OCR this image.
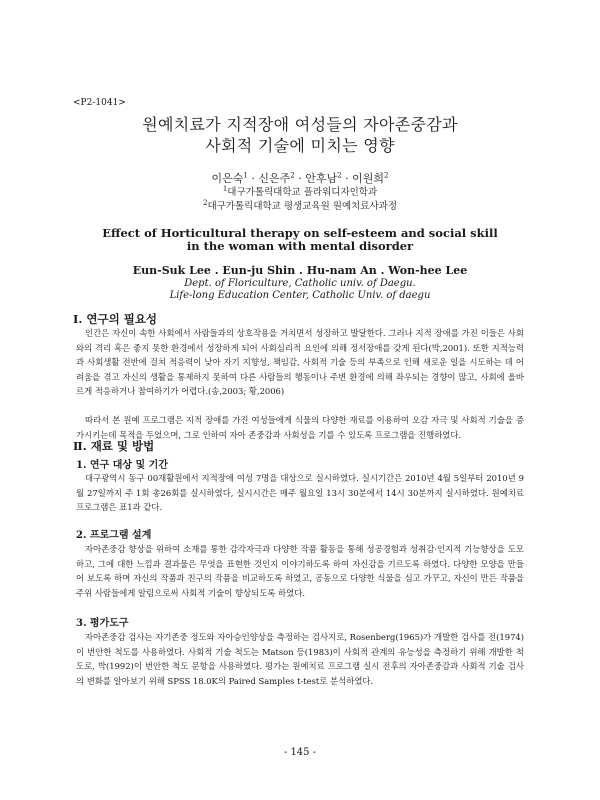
<P2-1041>
원예치료가 지적장애 여성들의 자아존중감과
사회적 기술에 미치는 영향
이은숙$^1$ · 신은주$^2$ · 안후남$^2$ · 이원희$^2$
$^1$대구가톨릭대학교 플라워디자인학과
$^2$대구가톨릭대학교 평생교육원 원예치료사과정
Effect of Horticultural therapy on self-esteem and social skill
in the woman with mental disorder
Eun-Suk Lee . Eun-ju Shin . Hu-nam An . Won-hee Lee
Dept. of Floriculture, Catholic univ. of Daegu.
Life-long Education Center, Catholic Univ. of daegu
Ⅰ. 연구의 필요성
인간은 자신이 속한 사회에서 사람들과의 상호작용을 거치면서 성장하고 발달한다. 그러나 지적 장애를 가진 이들은 사회와의 격리 혹은 좋지 못한 환경에서 성장하게 되어 사회심리적 요인에 의해 정서장애를 갖게 된다(박,2001). 또한 지적능력과 사회생활 전반에 걸쳐 적응력이 낮아 자기 지향성, 책임감, 사회적 기술 등의 부족으로 인해 새로운 일을 시도하는 데 어려움을 겪고 자신의 생활을 통제하지 못하여 다른 사람들의 행동이나 주변 환경에 의해 좌우되는 경향이 많고, 사회에 올바르게 적응하거나 참여하기가 어렵다.(송,2003; 황,2006)
따라서 본 원예 프로그램은 지적 장애를 가진 여성들에게 식물의 다양한 재료를 이용하여 오감 자극 및 사회적 기술을 증가시키는데 목적을 두었으며, 그로 인하여 자아 존중감과 사회성을 기를 수 있도록 프로그램을 진행하였다.
Ⅱ. 재료 및 방법
1. 연구 대상 및 기간
대구광역시 동구 00재활원에서 지적장애 여성 7명을 대상으로 실시하였다. 실시기간은 2010년 4월 5일부터 2010년 9월 27일까지 주 1회 총26회를 실시하였다, 실시시간은 매주 월요일 13시 30분에서 14시 30분까지 실시하였다. 원예치료 프로그램은 표1과 같다.
2. 프로그램 설계
자아존중감 향상을 위하여 소재를 통한 감각자극과 다양한 작품 활동을 통해 성공경험과 성취감·인지적 기능향상을 도모하고, 그에 대한 느낌과 결과물은 무엇을 표현한 것인지 이야기하도록 하여 자신감을 기르도록 하였다. 다양한 모양을 만들어 보도록 하며 자신의 작품과 친구의 작품을 비교하도록 하였고, 공동으로 다양한 식물을 심고 가꾸고, 자신이 만든 작품을 주위 사람들에게 알림으로써 사회적 기술이 향상되도록 하였다.
3. 평가도구
자아존중감 검사는 자기존중 정도와 자아승인양상을 측정하는 검사지로, Rosenberg(1965)가 개발한 검사를 전(1974)이 번안한 척도를 사용하였다. 사회적 기술 척도는 Matson 등(1983)이 사회적 관계의 유능성을 측정하기 위해 개발한 척도로, 박(1992)이 번안한 척도 문항을 사용하였다. 평가는 원예치료 프로그램 실시 전후의 자아존중감과 사회적 기술 검사의 변화를 알아보기 위해 SPSS 18.0K의 Paired Samples t-test로 분석하였다.
- 145 -
